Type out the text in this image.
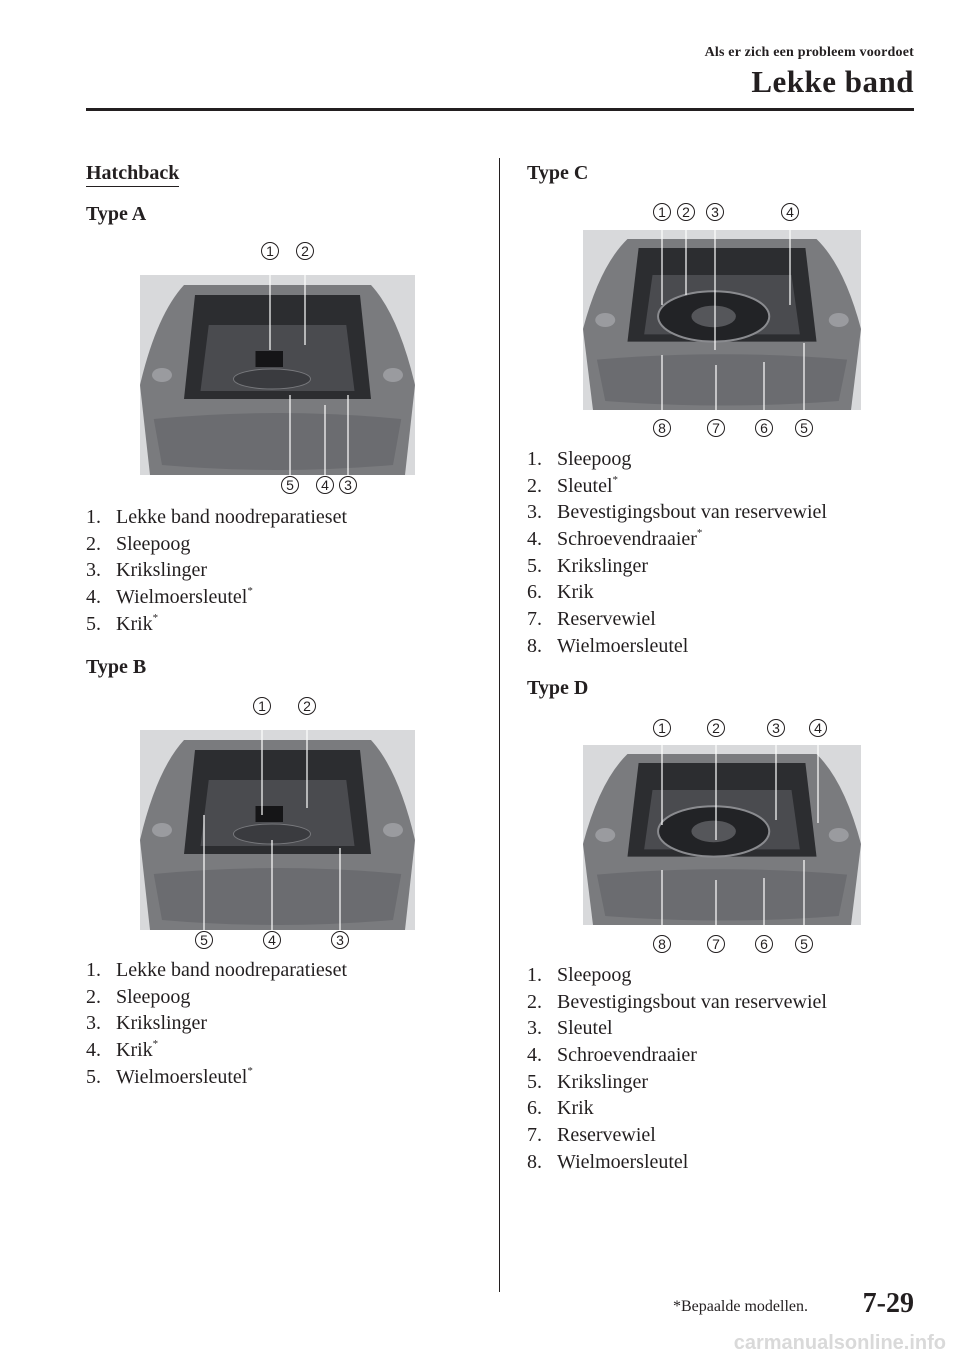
Als er zich een probleem voordoet
Lekke band
Hatchback
Type A
1 2
5 4 3
1. Lekke band noodreparatieset
2. Sleepoog
3. Krikslinger
4. Wielmoersleutel*
5. Krik*
Type B
1	2
5	4	3
1. Lekke band noodreparatieset
2. Sleepoog
3. Krikslinger
4. Krik*
5. Wielmoersleutel*
Type C
1 2 3	4
8	7	6 5
1. Sleepoog
2. Sleutel*
3. Bevestigingsbout van reservewiel
4. Schroevendraaier*
5. Krikslinger
6. Krik
7. Reservewiel
8. Wielmoersleutel
Type D
1	2	3 4
8	7	6 5
1. Sleepoog
2. Bevestigingsbout van reservewiel
3. Sleutel
4. Schroevendraaier
5. Krikslinger
6. Krik
7. Reservewiel
8. Wielmoersleutel
*Bepaalde modellen. 7-29
carmanualsonline.info
